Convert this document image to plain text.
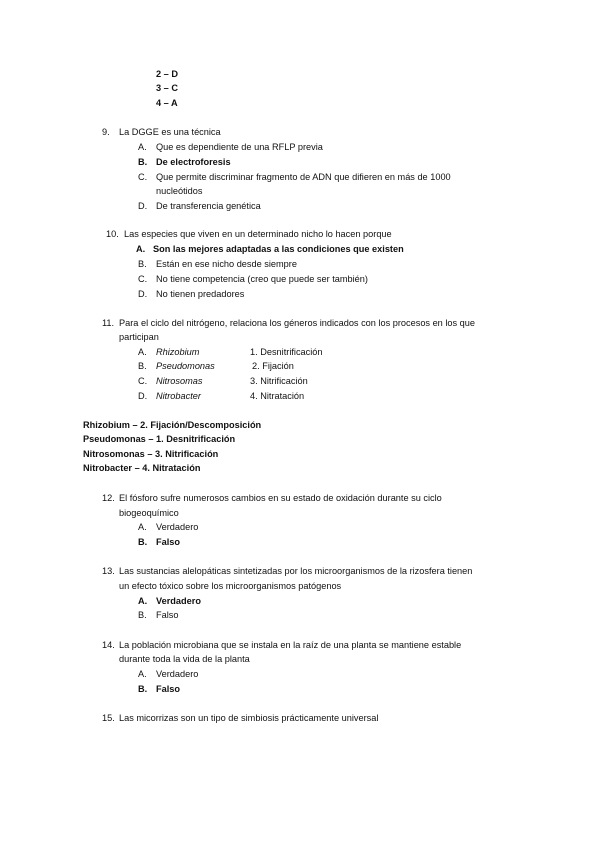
2 – D
3 – C
4 – A
9. La DGGE es una técnica
A. Que es dependiente de una RFLP previa
B. De electroforesis
C. Que permite discriminar fragmento de ADN que difieren en más de 1000
nucleótidos
D. De transferencia genética
10. Las especies que viven en un determinado nicho lo hacen porque
A. Son las mejores adaptadas a las condiciones que existen
B. Están en ese nicho desde siempre
C. No tiene competencia (creo que puede ser también)
D. No tienen predadores
11. Para el ciclo del nitrógeno, relaciona los géneros indicados con los procesos en los que
participan
A. Rhizobium	1. Desnitrificación
B. Pseudomonas	2. Fijación
C. Nitrosomas	3. Nitrificación
D. Nitrobacter	4. Nitratación
Rhizobium – 2. Fijación/Descomposición
Pseudomonas – 1. Desnitrificación
Nitrosomonas – 3. Nitrificación
Nitrobacter – 4. Nitratación
12. El fósforo sufre numerosos cambios en su estado de oxidación durante su ciclo
biogeoquímico
A. Verdadero
B. Falso
13. Las sustancias alelopáticas sintetizadas por los microorganismos de la rizosfera tienen
un efecto tóxico sobre los microorganismos patógenos
A. Verdadero
B. Falso
14. La población microbiana que se instala en la raíz de una planta se mantiene estable
durante toda la vida de la planta
A. Verdadero
B. Falso
15. Las micorrizas son un tipo de simbiosis prácticamente universal
